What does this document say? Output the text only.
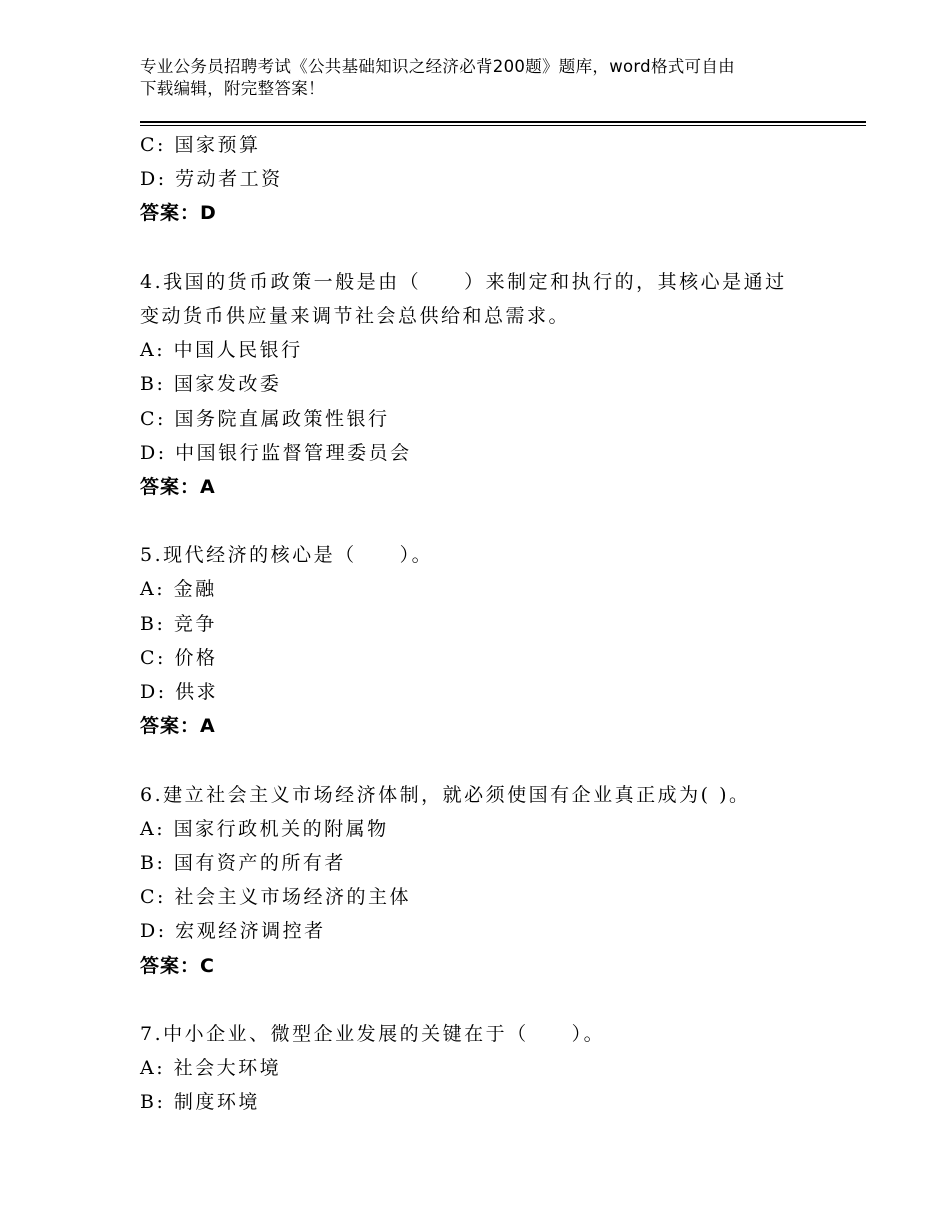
专业公务员招聘考试《公共基础知识之经济必背200题》题库，word格式可自由
下载编辑，附完整答案！
C: 国家预算
D: 劳动者工资
答案：D
4.我国的货币政策一般是由（　　）来制定和执行的，其核心是通过
变动货币供应量来调节社会总供给和总需求。
A: 中国人民银行
B: 国家发改委
C: 国务院直属政策性银行
D: 中国银行监督管理委员会
答案：A
5.现代经济的核心是（　　）。
A: 金融
B: 竞争
C: 价格
D: 供求
答案：A
6.建立社会主义市场经济体制，就必须使国有企业真正成为( )。
A: 国家行政机关的附属物
B: 国有资产的所有者
C: 社会主义市场经济的主体
D: 宏观经济调控者
答案：C
7.中小企业、微型企业发展的关键在于（　　）。
A: 社会大环境
B: 制度环境
